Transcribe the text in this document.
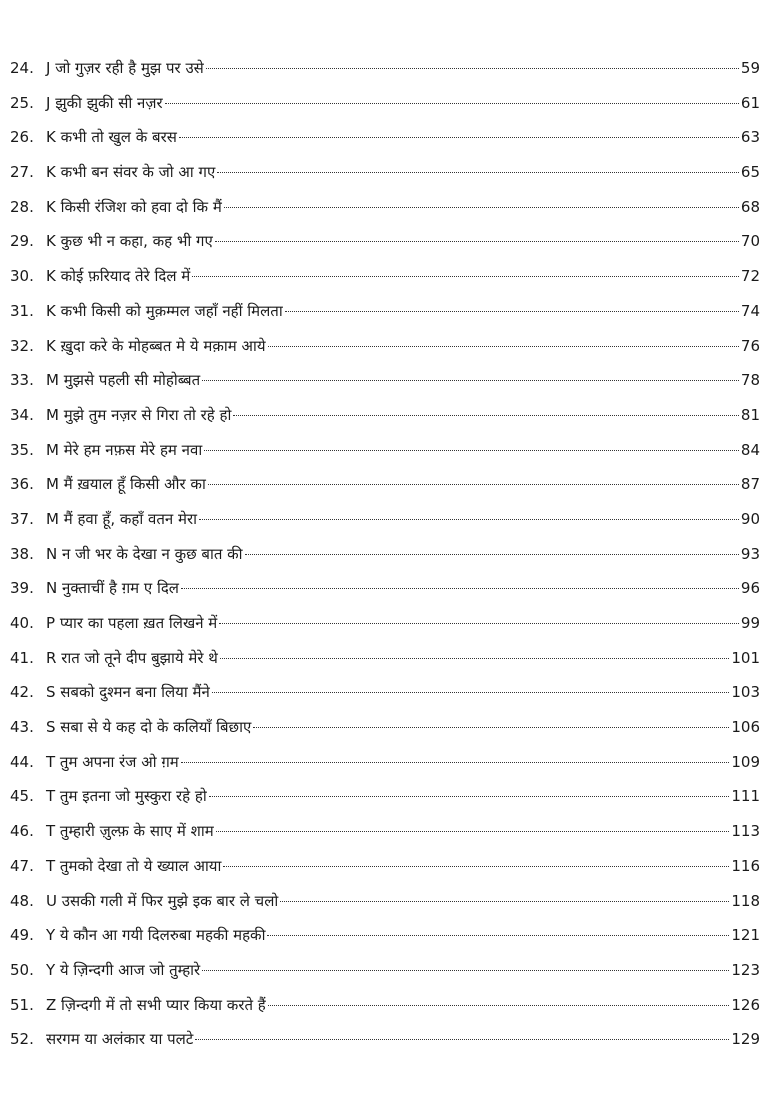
24. J जो गुज़र रही है मुझ पर उसे	59
25. J झुकी झुकी सी नज़र	61
26. K कभी तो खुल के बरस	63
27. K कभी बन संवर के जो आ गए	65
28. K किसी रंजिश को हवा दो कि मैं	68
29. K कुछ भी न कहा, कह भी गए	70
30. K कोई फ़रियाद तेरे दिल में	72
31. K कभी किसी को मुक़म्मल जहाँ नहीं मिलता	74
32. K ख़ुदा करे के मोहब्बत मे ये मक़ाम आये	76
33. M मुझसे पहली सी मोहोब्बत	78
34. M मुझे तुम नज़र से गिरा तो रहे हो	81
35. M मेरे हम नफ़स मेरे हम नवा	84
36. M मैं ख़याल हूँ किसी और का	87
37. M मैं हवा हूँ, कहाँ वतन मेरा	90
38. N न जी भर के देखा न कुछ बात की	93
39. N नुक्ताचीं है ग़म ए दिल	96
40. P प्यार का पहला ख़त लिखने में	99
41. R रात जो तूने दीप बुझाये मेरे थे	101
42. S सबको दुश्मन बना लिया मैंने	103
43. S सबा से ये कह दो के कलियाँ बिछाए	106
44. T तुम अपना रंज ओ ग़म	109
45. T तुम इतना जो मुस्कुरा रहे हो	111
46. T तुम्हारी ज़ुल्फ़ के साए में शाम	113
47. T तुमको देखा तो ये ख्याल आया	116
48. U उसकी गली में फिर मुझे इक बार ले चलो	118
49. Y ये कौन आ गयी दिलरुबा महकी महकी	121
50. Y ये ज़िन्दगी आज जो तुम्हारे	123
51. Z ज़िन्दगी में तो सभी प्यार किया करते हैं	126
52. सरगम या अलंकार या पलटे	129
